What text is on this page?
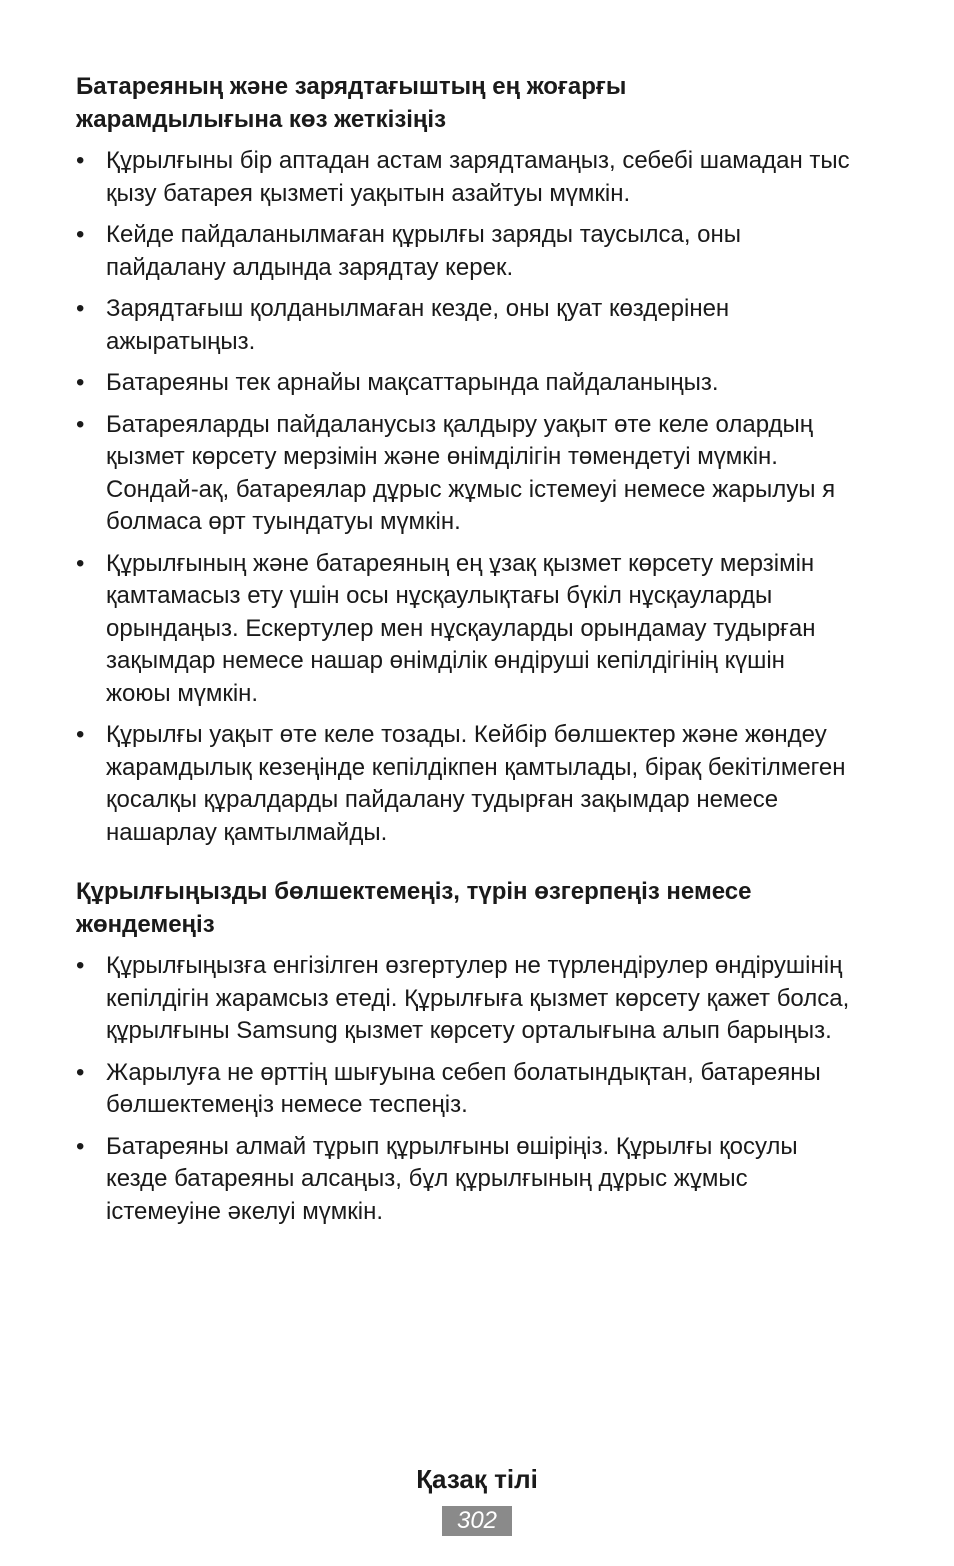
Батареяның және зарядтағыштың ең жоғарғы
жарамдылығына көз жеткізіңіз
• Құрылғыны бір аптадан астам зарядтамаңыз, себебі шамадан тыс
қызу батарея қызметі уақытын азайтуы мүмкін.
• Кейде пайдаланылмаған құрылғы заряды таусылса, оны
пайдалану алдында зарядтау керек.
• Зарядтағыш қолданылмаған кезде, оны қуат көздерінен
ажыратыңыз.
• Батареяны тек арнайы мақсаттарында пайдаланыңыз.
• Батареяларды пайдаланусыз қалдыру уақыт өте келе олардың
қызмет көрсету мерзімін және өнімділігін төмендетуі мүмкін.
Сондай-ақ, батареялар дұрыс жұмыс істемеуі немесе жарылуы я
болмаса өрт туындатуы мүмкін.
• Құрылғының және батареяның ең ұзақ қызмет көрсету мерзімін
қамтамасыз ету үшін осы нұсқаулықтағы бүкіл нұсқауларды
орындаңыз. Ескертулер мен нұсқауларды орындамау тудырған
зақымдар немесе нашар өнімділік өндіруші кепілдігінің күшін
жоюы мүмкін.
• Құрылғы уақыт өте келе тозады. Кейбір бөлшектер және жөндеу
жарамдылық кезеңінде кепілдікпен қамтылады, бірақ бекітілмеген
қосалқы құралдарды пайдалану тудырған зақымдар немесе
нашарлау қамтылмайды.
Құрылғыңызды бөлшектемеңіз, түрін өзгерпеңіз немесе
жөндемеңіз
• Құрылғыңызға енгізілген өзгертулер не түрлендірулер өндірушінің
кепілдігін жарамсыз етеді. Құрылғыға қызмет көрсету қажет болса,
құрылғыны Samsung қызмет көрсету орталығына алып барыңыз.
• Жарылуға не өрттің шығуына себеп болатындықтан, батареяны
бөлшектемеңіз немесе теспеңіз.
• Батареяны алмай тұрып құрылғыны өшіріңіз. Құрылғы қосулы
кезде батареяны алсаңыз, бұл құрылғының дұрыс жұмыс
істемеуіне әкелуі мүмкін.
Қазақ тілі
302
